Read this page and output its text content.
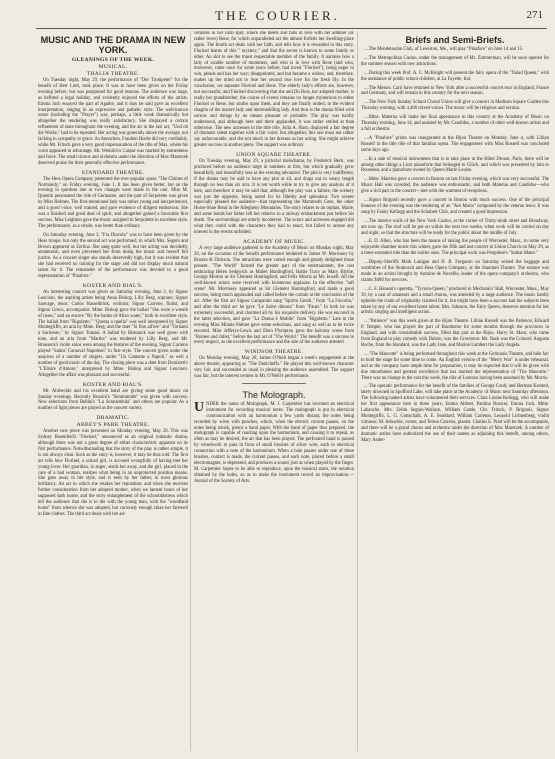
THE COURIER.	271
MUSIC AND THE DRAMA IN NEW YORK.
GLEANINGS OF THE WEEK.
MUSICAL.
THALIA THEATRE.

On Tuesday night, May 29, the performance of "Der Trompeter" for the benefit of Herr Lotti, took place. It was to have been given on the Friday evening before, but was postponed for good reasons. The audience was large, as befitted a legal holiday, and evidently enjoyed the efforts of the artists. Emma Juch essayed the part of Agathe, and it may be said gave an excellent interpretation, singing in an expressive and pathetic style. The well-known scene (including the "Prayer") was, perhaps, a little weak dramatically but altogether the rendering was really satisfactory. She displayed a certain refinement of taste throughout the evening, and the air in the last act, "Und ob die Wolke," had to be repeated. Her acting was generally above the average, not lacking in sympathy or grace. As Aennchen, Fraulein Horde did very creditably, while Mr. Fritsch gave a very good impersonation of the title of Max, where his voice appeared to advantage. Mr. Weinlich's Caspar was marked by earnestness and force. The small chorus and orchestra under the direction of Max Maretzek deserved praise for their generally effective performance.

STANDARD THEATRE.

The Hess Opera Company presented the ever-popular opera "The Chimes of Normandy," on Friday evening, June 1. It has been given better, but on the evening in question one or two changes were made in the cast. Miss M. Quentin personated the rôle of Germaine, and the part of Serpolette was given by Miss Holmes. The first-mentioned lady was rather young and inexperienced, and a good voice, well trained, and gave evidence of diligent endeavour. She was a finished and good deal of spirit, and altogether gained a favorable first success. Miss Leighton gave the music assigned to Serpolette in excellent style. The performance, as a whole, was better than ordinary.

On Saturday evening, June 2, "Fra Diavolo" was to have been given by the Hess troupe, but only the second act was performed, in which Mrs. Seguin and Brown appeared as Zerlina. She sang quite well, but her acting was decidedly amateurish, and even prevented her from doing the music and herself full justice. As a concert singer she stands deservedly high, but it was evident that she had received no training for the stage and did not display much natural talent for it. The remainder of the performance was devoted to a good representation of "Pinafore."

KOSTER AND BIAL'S.

An interesting concert was given on Saturday evening, June 2, by Signor Lencioni, the aspiring artists being Anna Bishop, Lilly Berg, soprano; Signor Sauvage, tenor; Carlos Hasselbrink, violinist; Signor Carreno, flutist, and Signor Greco, accompanist. Mme. Bishop gave the ballad "She wore a wreath of roses," and an encore "By the banks of Allan water," both in excellent style. The ballad from "Rigoletto," "Questa o quella" was well interpreted by Signor Montegriffo, an aria by Mme. Berg, and the duet "Si fino all'ore" and "Tornami a Surriento," by Signor Tomasi. A ballad by Bismarck was well given with tone, and an aria from "Martha" was rendered by Lilly Berg, and Mr. Brouseck's violin solos were among the features of the evening. Signor Carreno played "Saints' Carnaval Napoleon" in fine style. The concert given under the auspices of a number of singers, under "Un Cantante a Napoli," as well a number of good music of the day. The closing piece was a duet from Donizetti's "L'Elisire d'Amore," interpreted by Mme. Bishop and Signor Lencioni. Altogether the affair was pleasant and successful.

KOSTER AND BIAL'S.

Mr. Ahrbeckle and his excellent band are giving some good music on Sunday evenings. Recently Rossini's "Semiramide" was given with success. New selections from Bellini's "La Sonnambula" and others are popular. As a number of light pieces are played as the concert variety.

DRAMATIC.
ABBEY'S PARK THEATRE.

Another new piece was presented on Monday evening, May 28. This was Sydney Rosenfeld's "Florinel," announced as an original romantic drama, although there was not a great degree of either characteristic apparent on its first performance. Notwithstanding that the story of the play is rather simple, it is not always clear. Such as the story is, however, it may be thus told. The first act tells how Florinel, a school girl, is accused wrongfully of having met her young lover. Her guardian, in anger, sends her away, and the girl, placed in the care of a bad woman, realizes what being in an unprotected position means. She goes away in her style, and is seen by her father, in most glorious brilliancy. An act in which she retakes her reputation; and when she receives further consideration from her adopted mother, when we lament hours of her supposed dark home, and the story entanglement of the schoolmistress which tell the audience that she is to die with the young man, with the "woodland home" from whence she was adopted, but curiously enough takes her farewell in fine clothes. The third act deals with her ad-

ventures in her rural spot, where she meets and falls in love with her admirer (or rather lover) Rene, for which unparalleled act the almost forfeits her dwelling-place again. The fourth act deals with her faith, and tells how it is rewarded in this story. Florinel learns of this " mystery," and that the secret is known to some family or other. An skit to see the truest respectable member of the family. It narrates how a lady of sizable number of mummers, and who is in love with Rene (and who, moreover, came once for some years before, had loved "Florinel"), being eager to win, pleads and has her way; disappointed, and but became a widow, and, therefore, makes up her mind not to lose her second true love for the fresh lily. In the conclusion, we separate Florinel and Rene. The elderly lady's efforts are, however, not successful, and Florinel discovering that she and Du Bois, her adopted mother, is really her grandmother, the course of events remains no longer mysterious to either Florinel or Rene, but smiles upon them, and they are finally united, to the evident chagrin of the mature lady and intermeddling lady. And thus is the drama filled with sorrow and doings by no means pleasant or probable. The play was hardly understood, and although here and there applauded, it was rather smiled at than otherwise. The new actresses in the title rôle, Julia A. Hunt, displayed a fair degree of dramatic talent together with a fair voice; but altogether, this one must not rather say unfavourable, and she not much in her dresses as her acting. She might achieve greater success in another piece. The support was ordinary.

UNION SQUARE THEATRE.

On Tuesday evening, May 29, a pictorial melodrama, by Frederick Beck, was produced before an audience large in numbers at first, but which gradually grew beautifully and beautifully less as the evening advanced. The plot is very indifferent, if the drama may be said to have any plot at all, and drags out in weary length through no less than six acts. It is not worth while to try to give any analysis of it here, and therefore it may be said that, although the play was a failure, the scenery was just the opposite, being noted for its fidelity and splendour. Two scenes especially pleased the audience—that representing the Mammoth Cave, the other Horse-Shoe Bend in the Allegheny Mountains. The story relates to an orphan, Marie, and some bonds her father left her relative to a railway embankment just before his death. The surroundings are utterly incoherent. The actors and actresses engaged did what they could with the characters they had to enact, but failed to arouse any interest in the events unfolded.

ACADEMY OF MUSIC.

A very large audience gathered in the Academy of Music on Monday night, May 28, on the occasion of the benefit performance tendered to James W. Morrissey by Brooks & Dickson. The attractions were varied enough and greatly delighted those present. "The World" formed the greater part of the entertainment, the cast embracing Helen Sedgwick as Mabel Huntingford, Hattie Tracy as Mary Blythe, George Morton as Sir Clement Huntingford, and Felix Morris as Mr. Jewell. All the well-known actors were received with boisterous applause. In the effective "raft scene" Mr. Morrissey appeared as Sir Clement Huntingford, and made a good success, being much applauded and called before the curtain at the conclusion of the act. After the first act Signor Campanini sang "Spirito Gentil," from "La Favorita," and after the third act he gave "Le Salve dimora" from "Faust." In both he was extremely successful, and charmed all by his exquisite delivery. He was encored in the latter selection, and gave "La Donna è Mobile" from "Rigoletto." Late in the evening Miss Minnie Palmer gave some selections, and sang as well as to be twice encored. Miss Jefferys-Lewis and Eben Plympton gave the balcony scene from "Romeo and Juliet," before the last act of "The World." The benefit was a success in every respect, as the excellent performance and the size of the audience attested.

WINDSOR THEATRE.

On Monday evening, May 28, James O'Neill began a week's engagement at the above theatre, appearing as "The Danicheffs." He played this well-known character very fair, and succeeded as usual in pleasing the audience assembled. The support was fair, but the interest centres in Mr. O'Neill's performance.

The Molograph.

UNDER the name of Molograph, M. J. Carpentier has invented an electrical instrument for recording musical notes. The molograph is put in electrical communication with an harmonium a few yards distant, the notes being recorded by wires with punches, which, when the electric current passes, on the notes being struck, pierce a band paper. With the band of paper thus prepared, the molograph is capable of reacting upon the harmonium, and causing it to repeat, as often as may be desired, the air that has been played. The perforated band is passed by wheelwork to pass in front of small brushes of silver wire, each in electrical connection with a note of the harmonium. When a hole passes under one of these brushes, contact is made, the current passes, and each note, placed before a small electromagnet, is depressed, and produces a sound, just as when played by the finger. M. Carpentier hopes to be able to reproduce, upon the musical stave, the notation obtained by the holes, so as to make the instrument record an improvisation.—Journal of the Society of Arts.

Briefs and Semi-Briefs.

....The Mendelssohn Club, of Lewiston, Me., will play "Pinafore" on June 14 and 15.

....The Metropolitan Casino, under the management of Mr. Zimmerman, will be soon opened for the summer season with new attractions.

....During this week Prof. A. C. McKnight will present the fairy opera of the "Naiad Queen," with the assistance of public school children, at La Fayette, Ind.

....The Messrs. Carri have returned to New York after a successful concert tour in England, France and Germany, and will remain in this country for the next season.

....The New York Sunday School Choral Union will give a concert in Madison Square Garden this Thursday evening, with 4,400 mixed voices. The music will be religious and secular.

....Mme. Materna will make her final appearance in this country at the Academy of Music on Thursday evening, June 14, and assisted by Mr. Candidus, a number of other well-known artists and a full orchestra.

....A "Pinafore" prizes was inaugurated at the Bijou Theatre on Monday, June 4, with Lillian Russell in the title rôle of that familiar opera. The engagement with Miss Russell was concluded some days ago.

....In a sale of musical instruments that is to take place at the Hôtel Drouot, Paris, there will be among other things a Liszt pianoforte that belonged to Glück, and which was presented by him to Rousseau, and a pianoforte owned by Queen Marie Louise.

....Mme. Materna gave a concert in Boston on last Friday evening, which was very successful. The Music Hall was crowded, the audience was enthusiastic, and both Materna and Candidus—who give a rich part in the concert—met with the warmest of receptions.

....Signor Brignoli recently gave a concert in Boston with much success. One of the principal features of the evening was the rendering of an "Ave Maria" composed by the veteran tenor. It was sung by Fanny Kellogg and the Schubert Club, and created a good impression.

....The interior walls of the New York Casino, at the corner of Thirty-ninth street and Broadway, are now up. The roof will be put on within the next two weeks, when work will be carried on day and night, so that the structure will be ready for the public about the middle of July.

....E. D. Allen, who has been the means of raising the people of Worcester, Mass., to some very enjoyable chamber music this winter, gave the fifth and last concert in Union Church on May 29, as a mere extended rule than the earlier ones. The principal work was Pergolese's "Stabat Mater."

....Deputy-Sheriffs Mark Lanigan and H. B. Furgason on Saturday seized the baggage and wardrobes of the Strakosch and Hess Opera Company, at the Standard Theatre. The seizure was made in an action brought by Antoine de Novellis, leader of the opera company's orchestra, who claims $480 for services.

....C. F. Hanson's operetta, "Tycoon-Queen," produced in Mechanics' Hall, Worcester, Mass., May 30, by a cast of amateurs and a small chorus, was attended by a large audience. The music hardly upholds the claim of originality claimed for it, but might have been a success had the subjects been taken by any of our excellent home talent. Mrs. Johnson, the Fairy Queen, deserves mention for her artistic singing and intelligent action.

...."Patience" was this week given at the Bijou Theatre. Lillian Russell was the Patience; Edward P. Temple, who has played the part of Bunthorne for some months through the provinces in England, and with considerable success, filled that part at the Bijou. Harry St. Maur, who came from England to play comedy with Dolaro, was the Grosvenor. Mr. Nash was the Colonel; Augusta Roche, from the Standard, was the Lady Jane, and Marion Lambert the Lady Angela.

...."The Mascotte" is being performed throughout this week at the Germania Theatre, and bids fair to hold the stage for some time to come. An English version of the "Merry War" is under rehearsal, and as the company have ample time for preparation, it may be expected that it will be given with due smoothness and general excellence that has marked the representation of "The Mascotte." There was no change in the cast this week, the rôle of Lorenzo having been assumed by Mr. Morris.

....The operatic performance for the benefit of the families of George Conly and Herman Kersted, lately drowned in Spofford Lake, will take place at the Academy of Music next Saturday afternoon. The following named artists have volunteered their services: Clara Louise Kellogg, who will make her first appearance here in three years; Emma Abbott, Paolina Rossini, Emma Juch, Mme. Labanche, Mrs. Zelda Seguin-Wallace, William Castle, Chr. Fritsch, P. Brignoli, Signor Montegriffo, L. G. Gottschalk, A. E. Stoddard, William Carleton, Leopold Lichtenberg, violin virtuoso; M. Arbuckle, cornet, and Teresa Carreno, pianist. Charles E. Pratt will be the accompanist, and there will be a grand chorus and orchestra under the direction of Max Maretzek. A number of dramatic artists have authorized the use of their names as adjoining this benefit, among others, Mary Ander-
